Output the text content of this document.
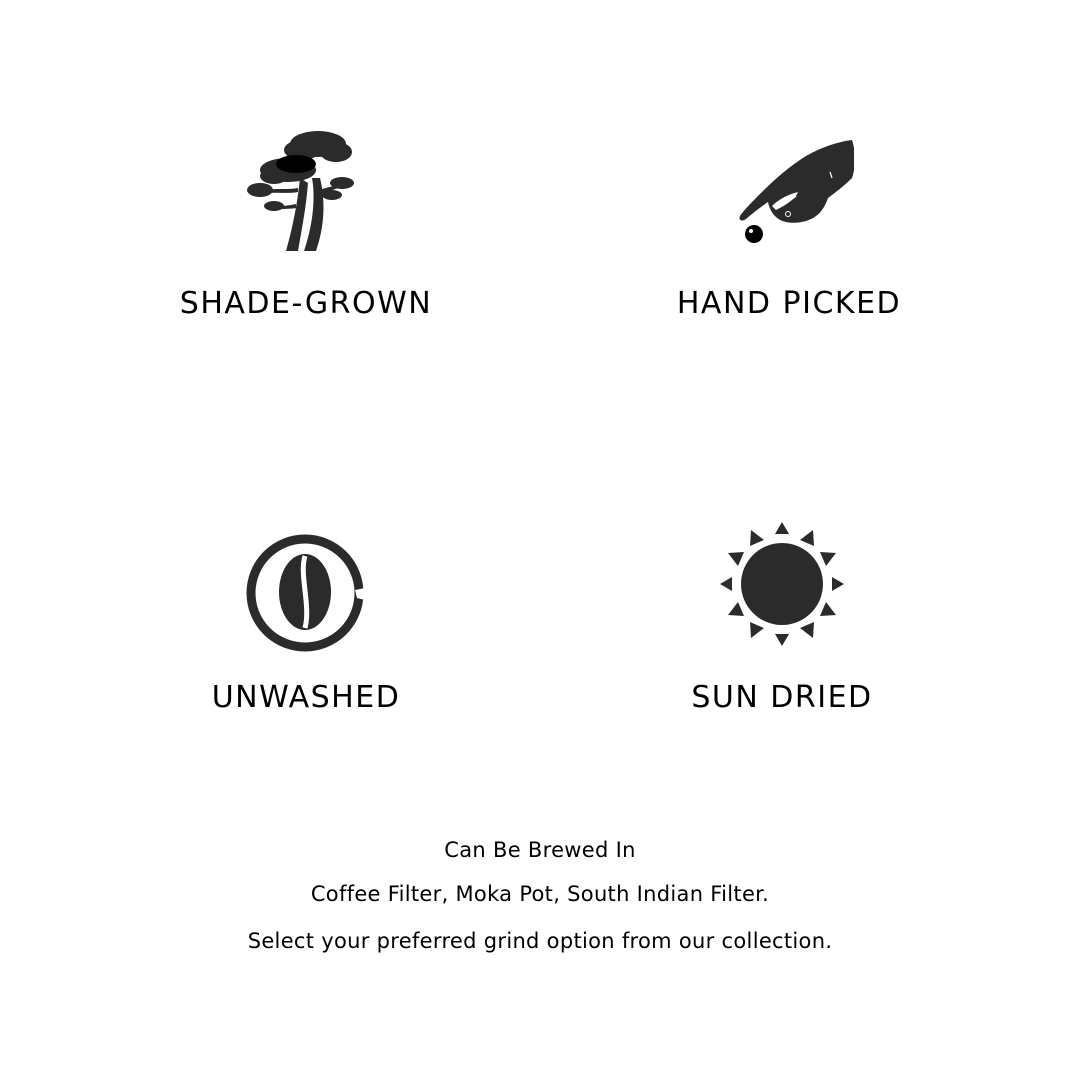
SHADE-GROWN	HAND PICKED
UNWASHED	SUN DRIED
Can Be Brewed In
Coffee Filter, Moka Pot, South Indian Filter.
Select your preferred grind option from our collection.
